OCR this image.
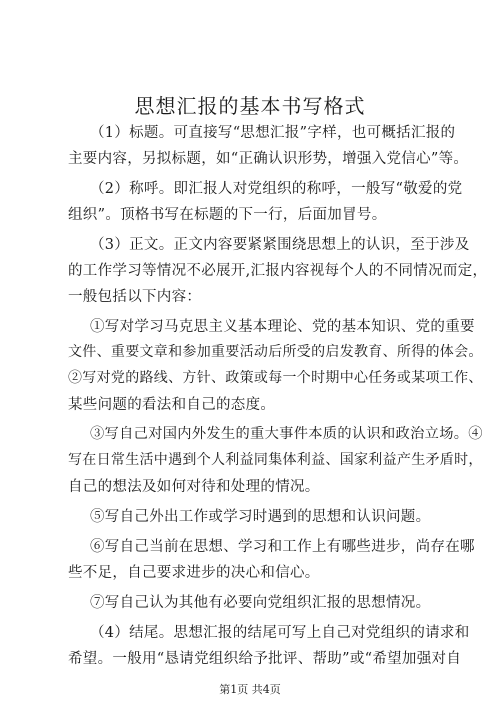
思想汇报的基本书写格式
（1）标题。可直接写“思想汇报”字样，也可概括汇报的
主要内容，另拟标题，如“正确认识形势，增强入党信心”等。
（2）称呼。即汇报人对党组织的称呼，一般写“敬爱的党
组织”。顶格书写在标题的下一行，后面加冒号。
（3）正文。正文内容要紧紧围绕思想上的认识，至于涉及
的工作学习等情况不必展开,汇报内容视每个人的不同情况而定，
一般包括以下内容：
①写对学习马克思主义基本理论、党的基本知识、党的重要
文件、重要文章和参加重要活动后所受的启发教育、所得的体会。
②写对党的路线、方针、政策或每一个时期中心任务或某项工作、
某些问题的看法和自己的态度。
③写自己对国内外发生的重大事件本质的认识和政治立场。④
写在日常生活中遇到个人利益同集体利益、国家利益产生矛盾时，
自己的想法及如何对待和处理的情况。
⑤写自己外出工作或学习时遇到的思想和认识问题。
⑥写自己当前在思想、学习和工作上有哪些进步，尚存在哪
些不足，自己要求进步的决心和信心。
⑦写自己认为其他有必要向党组织汇报的思想情况。
（4）结尾。思想汇报的结尾可写上自己对党组织的请求和
希望。一般用“恳请党组织给予批评、帮助”或“希望加强对自
第1页 共4页
